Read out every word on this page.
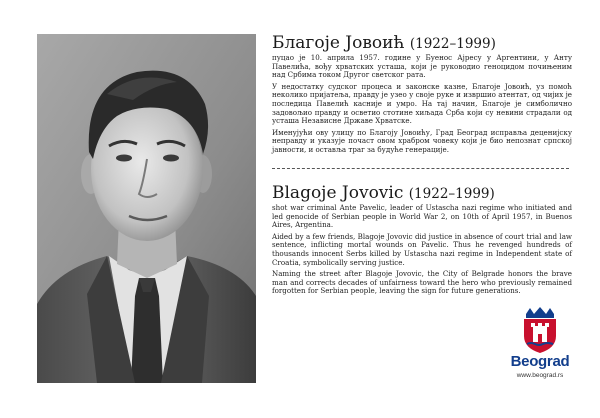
Благоје Јовоић (1922–1999)

пуцао је 10. априла 1957. године у Буенос Ајресу у Аргентини, у Анту Павелића, вођу хрватских усташа, који је руководио геноцидом почињеним над Србима током Другог светског рата.

У недостатку судског процеса и законске казне, Благоје Јовоић, уз помоћ неколико пријатеља, правду је узео у своје руке и извршио атентат, од чијих је последица Павелић касније и умро. На тај начин, Благоје је симболично задовољио правду и осветио стотине хиљада Срба који су невини страдали од усташа Независне Државе Хрватске.

Именујући ову улицу по Благоју Јовоићу, Град Београд исправља деценијску неправду и указује почаст овом храбром човеку који је био непознат српској јавности, и оставља траг за будуће генерације.

Blagoje Jovovic (1922–1999)

shot war criminal Ante Pavelic, leader of Ustascha nazi regime who initiated and led genocide of Serbian people in World War 2, on 10th of April 1957, in Buenos Aires, Argentina.

Aided by a few friends, Blagoje Jovovic did justice in absence of court trial and law sentence, inflicting mortal wounds on Pavelic. Thus he revenged hundreds of thousands innocent Serbs killed by Ustascha nazi regime in Independent state of Croatia, symbolically serving justice.

Naming the street after Blagoje Jovovic, the City of Belgrade honors the brave man and corrects decades of unfairness toward the hero who previously remained forgotten for Serbian people, leaving the sign for future generations.

Beograd
www.beograd.rs
